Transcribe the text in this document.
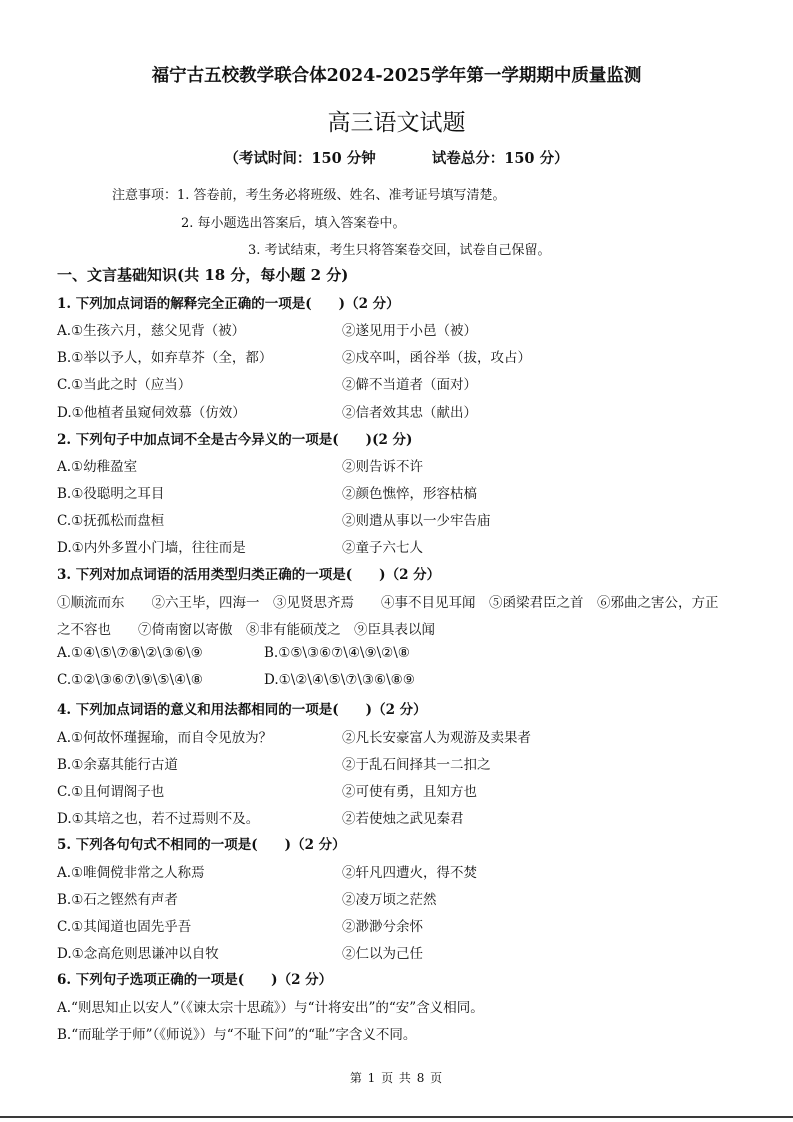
福宁古五校教学联合体2024-2025学年第一学期期中质量监测
高三语文试题
（考试时间：150 分钟	试卷总分：150 分）
注意事项：1. 答卷前，考生务必将班级、姓名、准考证号填写清楚。
2. 每小题选出答案后，填入答案卷中。
3. 考试结束，考生只将答案卷交回，试卷自己保留。
一、文言基础知识(共 18 分，每小题 2 分)
1. 下列加点词语的解释完全正确的一项是(　　)（2 分）
A.①生孩六月，慈父见背（被）	②遂见用于小邑（被）
B.①举以予人，如弃草芥（全，都）	②戍卒叫，函谷举（拔，攻占）
C.①当此之时（应当）	②僻不当道者（面对）
D.①他植者虽窥伺效慕（仿效）	②信者效其忠（献出）
2. 下列句子中加点词不全是古今异义的一项是(　　)(2 分)
A.①幼稚盈室	②则告诉不许
B.①役聪明之耳目	②颜色憔悴，形容枯槁
C.①抚孤松而盘桓	②则遣从事以一少牢告庙
D.①内外多置小门墙，往往而是	②童子六七人
3. 下列对加点词语的活用类型归类正确的一项是(　　)（2 分）
①顺流而东　　②六王毕，四海一　③见贤思齐焉　　④事不目见耳闻　⑤函梁君臣之首　⑥邪曲之害公，方正
之不容也　　⑦倚南窗以寄傲　⑧非有能硕茂之　⑨臣具表以闻
A.①④\⑤\⑦⑧\②\③⑥\⑨	B.①⑤\③⑥⑦\④\⑨\②\⑧
C.①②\③⑥⑦\⑨\⑤\④\⑧	D.①\②\④\⑤\⑦\③⑥\⑧⑨
4. 下列加点词语的意义和用法都相同的一项是(　　)（2 分）
A.①何故怀瑾握瑜，而自令见放为？	②凡长安豪富人为观游及卖果者
B.①余嘉其能行古道	②于乱石间择其一二扣之
C.①且何谓阁子也	②可使有勇，且知方也
D.①其培之也，若不过焉则不及。	②若使烛之武见秦君
5. 下列各句句式不相同的一项是(　　)（2 分）
A.①唯倜傥非常之人称焉	②轩凡四遭火，得不焚
B.①石之铿然有声者	②凌万顷之茫然
C.①其闻道也固先乎吾	②渺渺兮余怀
D.①念高危则思谦冲以自牧	②仁以为己任
6. 下列句子选项正确的一项是(　　)（2 分）
A.“则思知止以安人”（《谏太宗十思疏》）与“计将安出”的“安”含义相同。
B.“而耻学于师”（《师说》）与“不耻下问”的“耻”字含义不同。
第 1 页 共 8 页
